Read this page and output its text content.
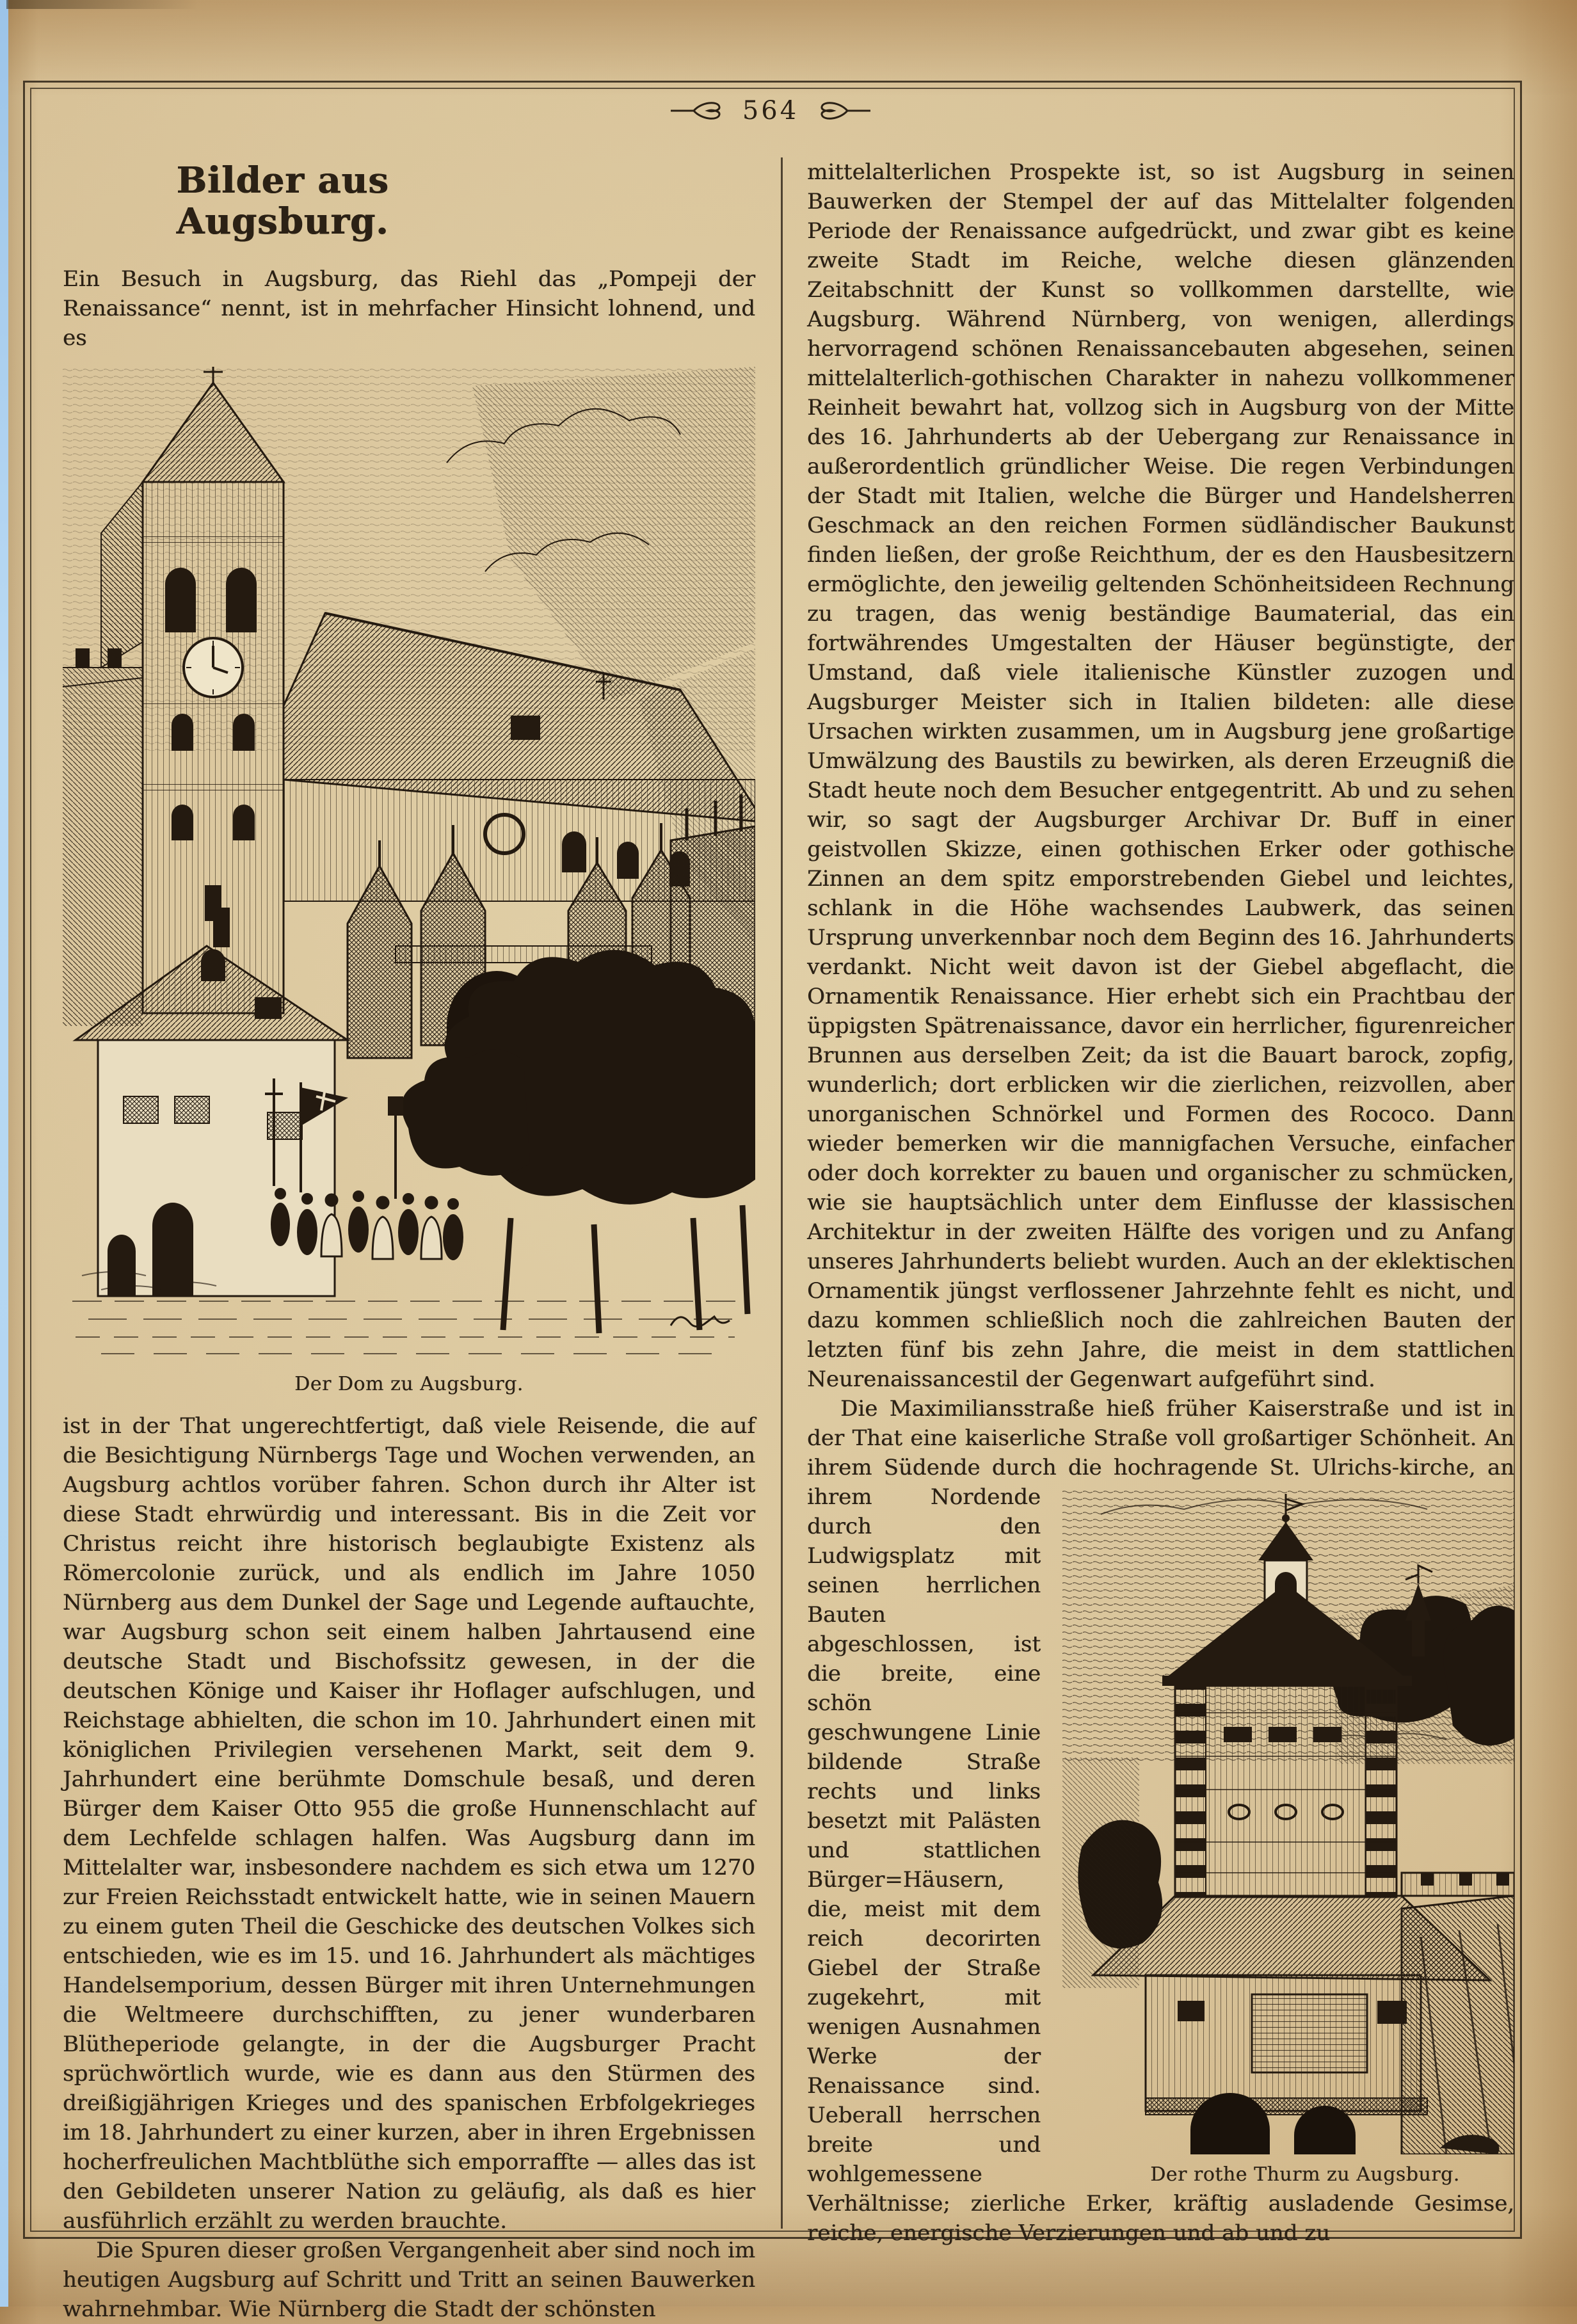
564
Bilder aus Augsburg.

Ein Besuch in Augsburg, das Riehl das „Pompeji der Renaissance“ nennt, ist in mehrfacher Hinsicht lohnend, und es

Der Dom zu Augsburg.

ist in der That ungerechtfertigt, daß viele Reisende, die auf die Besichtigung Nürnbergs Tage und Wochen verwenden, an Augsburg achtlos vorüber fahren. Schon durch ihr Alter ist diese Stadt ehrwürdig und interessant. Bis in die Zeit vor Christus reicht ihre historisch beglaubigte Existenz als Römercolonie zurück, und als endlich im Jahre 1050 Nürnberg aus dem Dunkel der Sage und Legende auftauchte, war Augsburg schon seit einem halben Jahrtausend eine deutsche Stadt und Bischofssitz gewesen, in der die deutschen Könige und Kaiser ihr Hoflager aufschlugen, und Reichstage abhielten, die schon im 10. Jahrhundert einen mit königlichen Privilegien versehenen Markt, seit dem 9. Jahrhundert eine berühmte Domschule besaß, und deren Bürger dem Kaiser Otto 955 die große Hunnenschlacht auf dem Lechfelde schlagen halfen. Was Augsburg dann im Mittelalter war, insbesondere nachdem es sich etwa um 1270 zur Freien Reichsstadt entwickelt hatte, wie in seinen Mauern zu einem guten Theil die Geschicke des deutschen Volkes sich entschieden, wie es im 15. und 16. Jahrhundert als mächtiges Handelsemporium, dessen Bürger mit ihren Unternehmungen die Weltmeere durchschifften, zu jener wunderbaren Blütheperiode gelangte, in der die Augsburger Pracht sprüchwörtlich wurde, wie es dann aus den Stürmen des dreißigjährigen Krieges und des spanischen Erbfolgekrieges im 18. Jahrhundert zu einer kurzen, aber in ihren Ergebnissen hocherfreulichen Machtblüthe sich emporraffte — alles das ist den Gebildeten unserer Nation zu geläufig, als daß es hier ausführlich erzählt zu werden brauchte.

Die Spuren dieser großen Vergangenheit aber sind noch im heutigen Augsburg auf Schritt und Tritt an seinen Bauwerken wahrnehmbar. Wie Nürnberg die Stadt der schönsten

mittelalterlichen Prospekte ist, so ist Augsburg in seinen Bauwerken der Stempel der auf das Mittelalter folgenden Periode der Renaissance aufgedrückt, und zwar gibt es keine zweite Stadt im Reiche, welche diesen glänzenden Zeitabschnitt der Kunst so vollkommen darstellte, wie Augsburg. Während Nürnberg, von wenigen, allerdings hervorragend schönen Renaissancebauten abgesehen, seinen mittelalterlich-gothischen Charakter in nahezu vollkommener Reinheit bewahrt hat, vollzog sich in Augsburg von der Mitte des 16. Jahrhunderts ab der Uebergang zur Renaissance in außerordentlich gründlicher Weise. Die regen Verbindungen der Stadt mit Italien, welche die Bürger und Handelsherren Geschmack an den reichen Formen südländischer Baukunst finden ließen, der große Reichthum, der es den Hausbesitzern ermöglichte, den jeweilig geltenden Schönheitsideen Rechnung zu tragen, das wenig beständige Baumaterial, das ein fortwährendes Umgestalten der Häuser begünstigte, der Umstand, daß viele italienische Künstler zuzogen und Augsburger Meister sich in Italien bildeten: alle diese Ursachen wirkten zusammen, um in Augsburg jene großartige Umwälzung des Baustils zu bewirken, als deren Erzeugniß die Stadt heute noch dem Besucher entgegentritt. Ab und zu sehen wir, so sagt der Augsburger Archivar Dr. Buff in einer geistvollen Skizze, einen gothischen Erker oder gothische Zinnen an dem spitz emporstrebenden Giebel und leichtes, schlank in die Höhe wachsendes Laubwerk, das seinen Ursprung unverkennbar noch dem Beginn des 16. Jahrhunderts verdankt. Nicht weit davon ist der Giebel abgeflacht, die Ornamentik Renaissance. Hier erhebt sich ein Prachtbau der üppigsten Spätrenaissance, davor ein herrlicher, figurenreicher Brunnen aus derselben Zeit; da ist die Bauart barock, zopfig, wunderlich; dort erblicken wir die zierlichen, reizvollen, aber unorganischen Schnörkel und Formen des Rococo. Dann wieder bemerken wir die mannigfachen Versuche, einfacher oder doch korrekter zu bauen und organischer zu schmücken, wie sie hauptsächlich unter dem Einflusse der klassischen Architektur in der zweiten Hälfte des vorigen und zu Anfang unseres Jahrhunderts beliebt wurden. Auch an der eklektischen Ornamentik jüngst verflossener Jahrzehnte fehlt es nicht, und dazu kommen schließlich noch die zahlreichen Bauten der letzten fünf bis zehn Jahre, die meist in dem stattlichen Neurenaissancestil der Gegenwart aufgeführt sind.

Die Maximiliansstraße hieß früher Kaiserstraße und ist in der That eine kaiserliche Straße voll großartiger Schönheit. An ihrem Südende durch die hochragende St. Ulrichs-
Der rothe Thurm zu Augsburg.
kirche, an ihrem Nordende durch den Ludwigsplatz mit seinen herrlichen Bauten abgeschlossen, ist die breite, eine schön geschwungene Linie bildende Straße rechts und links besetzt mit Palästen und stattlichen Bürger=Häusern, die, meist mit dem reich decorirten Giebel der Straße zugekehrt, mit wenigen Ausnahmen Werke der Renaissance sind. Ueberall herrschen breite und wohlgemessene Verhältnisse; zierliche Erker, kräftig ausladende Gesimse, reiche, energische Verzierungen und ab und zu
